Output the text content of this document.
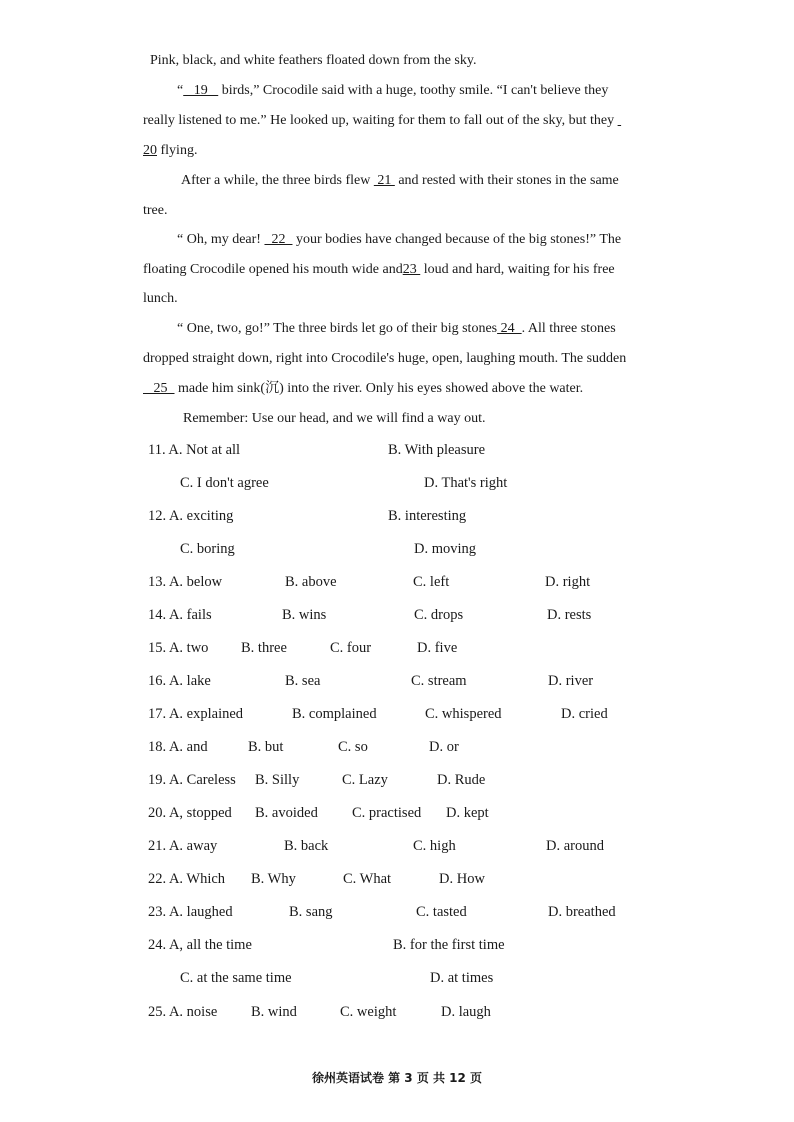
Pink, black, and white feathers floated down from the sky.
“   19    birds,” Crocodile said with a huge, toothy smile. “I can't believe they
really listened to me.” He looked up, waiting for them to fall out of the sky, but they
20 flying.
After a while, the three birds flew  21  and rested with their stones in the same
tree.
“ Oh, my dear!   22   your bodies have changed because of the big stones!” The
floating Crocodile opened his mouth wide and23  loud and hard, waiting for his free
lunch.
“ One, two, go!” The three birds let go of their big stones 24  . All three stones
dropped straight down, right into Crocodile's huge, open, laughing mouth. The sudden
25   made him sink(沉) into the river. Only his eyes showed above the water.
Remember: Use our head, and we will find a way out.
11. A. Not at all	B. With pleasure
C. I don't agree	D. That's right
12. A. exciting	B. interesting
C. boring	D. moving
13. A. below	B. above	C. left	D. right
14. A. fails	B. wins	C. drops	D. rests
15. A. two B. three	C. four	D. five
16. A. lake	B. sea	C. stream	D. river
17. A. explained	B. complained	C. whispered	D. cried
18. A. and	B. but	C. so	D. or
19. A. Careless B. Silly	C. Lazy	D. Rude
20. A, stopped B. avoided C. practised D. kept
21. A. away	B. back	C. high	D. around
22. A. Which B. Why	C. What	D. How
23. A. laughed	B. sang	C. tasted	D. breathed
24. A, all the time	B. for the first time
C. at the same time	D. at times
25. A. noise B. wind	C. weight	D. laugh
徐州英语试卷 第 3 页 共 12 页
